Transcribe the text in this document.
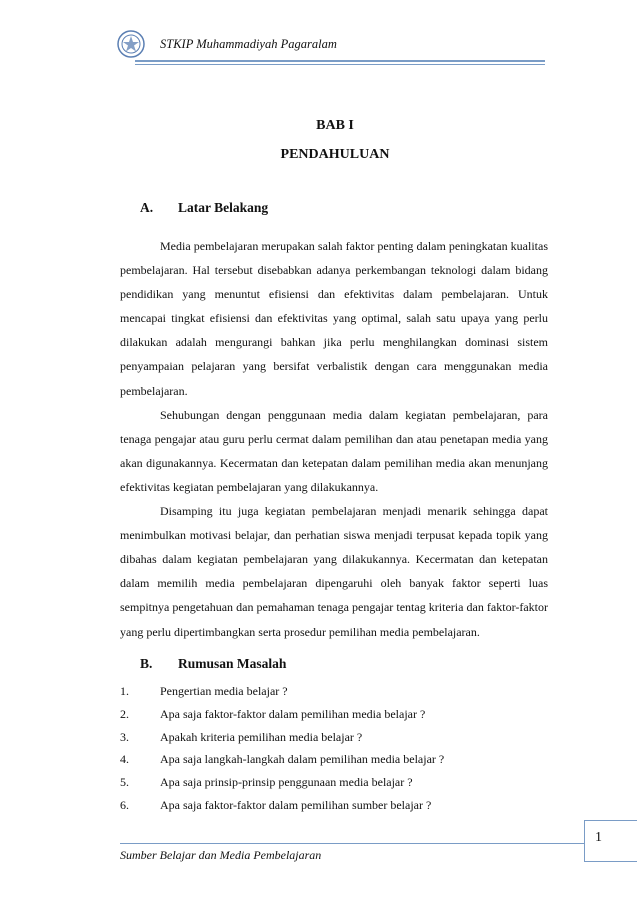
STKIP Muhammadiyah Pagaralam
BAB I
PENDAHULUAN
A. Latar Belakang

Media pembelajaran merupakan salah faktor penting dalam peningkatan kualitas pembelajaran. Hal tersebut disebabkan adanya perkembangan teknologi dalam bidang pendidikan yang menuntut efisiensi dan efektivitas dalam pembelajaran. Untuk mencapai tingkat efisiensi dan efektivitas yang optimal, salah satu upaya yang perlu dilakukan adalah mengurangi bahkan jika perlu menghilangkan dominasi sistem penyampaian pelajaran yang bersifat verbalistik dengan cara menggunakan media pembelajaran.

Sehubungan dengan penggunaan media dalam kegiatan pembelajaran, para tenaga pengajar atau guru perlu cermat dalam pemilihan dan atau penetapan media yang akan digunakannya. Kecermatan dan ketepatan dalam pemilihan media akan menunjang efektivitas kegiatan pembelajaran yang dilakukannya.

Disamping itu juga kegiatan pembelajaran menjadi menarik sehingga dapat menimbulkan motivasi belajar, dan perhatian siswa menjadi terpusat kepada topik yang dibahas dalam kegiatan pembelajaran yang dilakukannya. Kecermatan dan ketepatan dalam memilih media pembelajaran dipengaruhi oleh banyak faktor seperti luas sempitnya pengetahuan dan pemahaman tenaga pengajar tentag kriteria dan faktor-faktor yang perlu dipertimbangkan serta prosedur pemilihan media pembelajaran.

B. Rumusan Masalah
1.	Pengertian media belajar ?
2.	Apa saja faktor-faktor dalam pemilihan media belajar ?
3.	Apakah kriteria pemilihan media belajar ?
4.	Apa saja langkah-langkah dalam pemilihan media belajar ?
5.	Apa saja prinsip-prinsip penggunaan media belajar ?
6.	Apa saja faktor-faktor dalam pemilihan sumber belajar ?
1
Sumber Belajar dan Media Pembelajaran
